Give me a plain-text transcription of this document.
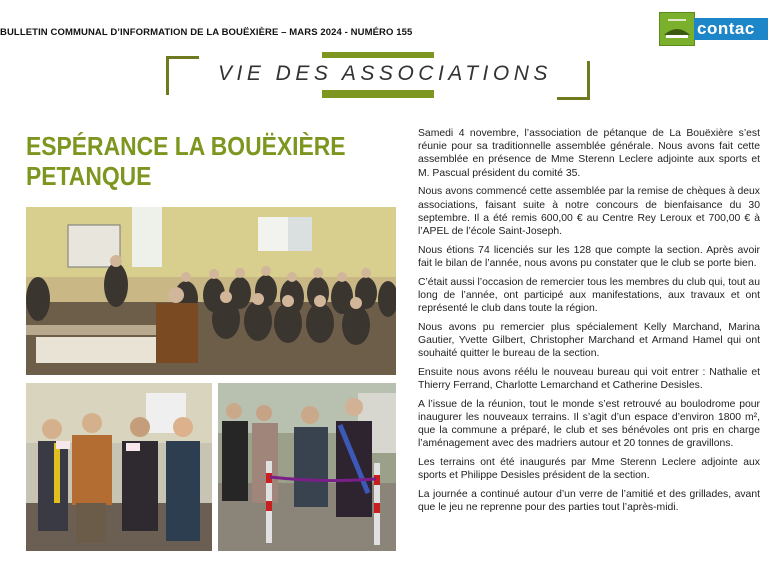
BULLETIN COMMUNAL D’INFORMATION DE LA BOUËXIÈRE – MARS 2024 - NUMÉRO 155	contac
VIE DES ASSOCIATIONS
ESPÉRANCE LA BOUËXIÈRE
PETANQUE

Samedi 4 novembre, l’association de pétanque de La Bouëxière s’est réunie pour sa traditionnelle assemblée générale. Nous avons fait cette assemblée en présence de Mme Sterenn Leclere adjointe aux sports et M. Pascual président du comité 35.

Nous avons commencé cette assemblée par la remise de chèques à deux associations, faisant suite à notre concours de bienfaisance du 30 septembre. Il a été remis 600,00 € au Centre Rey Leroux et 700,00 € à l’APEL de l’école Saint-Joseph.

Nous étions 74 licenciés sur les 128 que compte la section. Après avoir fait le bilan de l’année, nous avons pu constater que le club se porte bien.

C’était aussi l’occasion de remercier tous les membres du club qui, tout au long de l’année, ont participé aux manifestations, aux travaux et ont représenté le club dans toute la région.

Nous avons pu remercier plus spécialement Kelly Marchand, Marina Gautier, Yvette Gilbert, Christopher Marchand et Armand Hamel qui ont souhaité quitter le bureau de la section.

Ensuite nous avons réélu le nouveau bureau qui voit entrer : Nathalie et Thierry Ferrand, Charlotte Lemarchand et Catherine Desisles.

A l’issue de la réunion, tout le monde s’est retrouvé au boulodrome pour inaugurer les nouveaux terrains. Il s’agit d’un espace d’environ 1800 m², que la commune a préparé, le club et ses bénévoles ont pris en charge l’aménagement avec des madriers autour et 20 tonnes de gravillons.

Les terrains ont été inaugurés par Mme Sterenn Leclere adjointe aux sports et Philippe Desisles président de la section.

La journée a continué autour d’un verre de l’amitié et des grillades, avant que le jeu ne reprenne pour des parties tout l’après-midi.
